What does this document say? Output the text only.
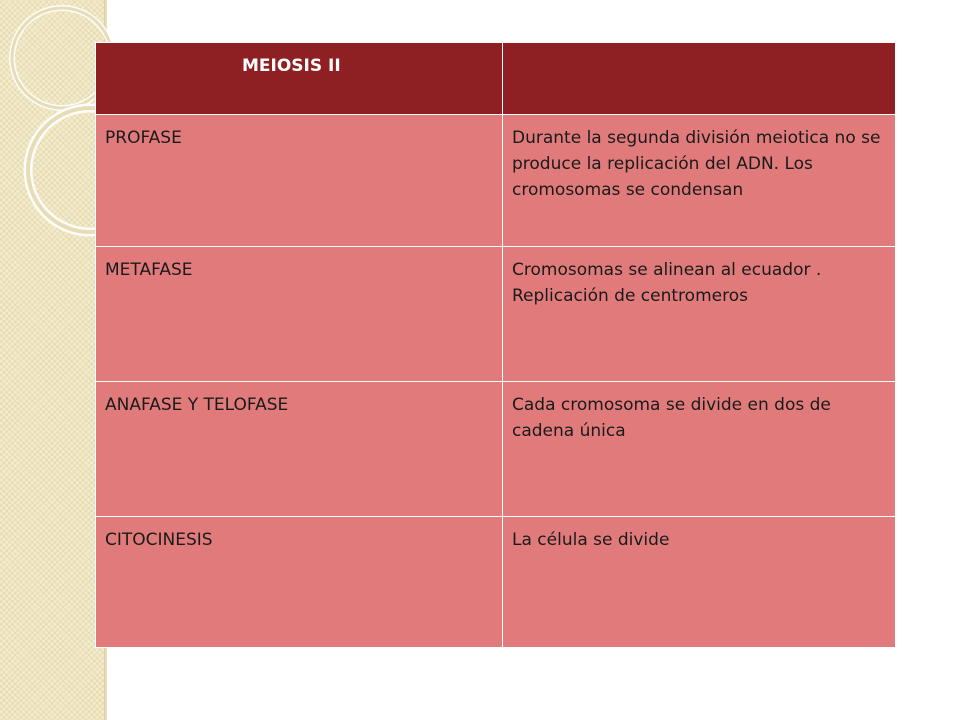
MEIOSIS II	
PROFASE	Durante la segunda división meiotica no se produce la replicación del ADN. Los cromosomas se condensan
METAFASE	Cromosomas se alinean al ecuador . Replicación de centromeros
ANAFASE Y TELOFASE	Cada cromosoma se divide en dos de cadena única
CITOCINESIS	La célula se divide
